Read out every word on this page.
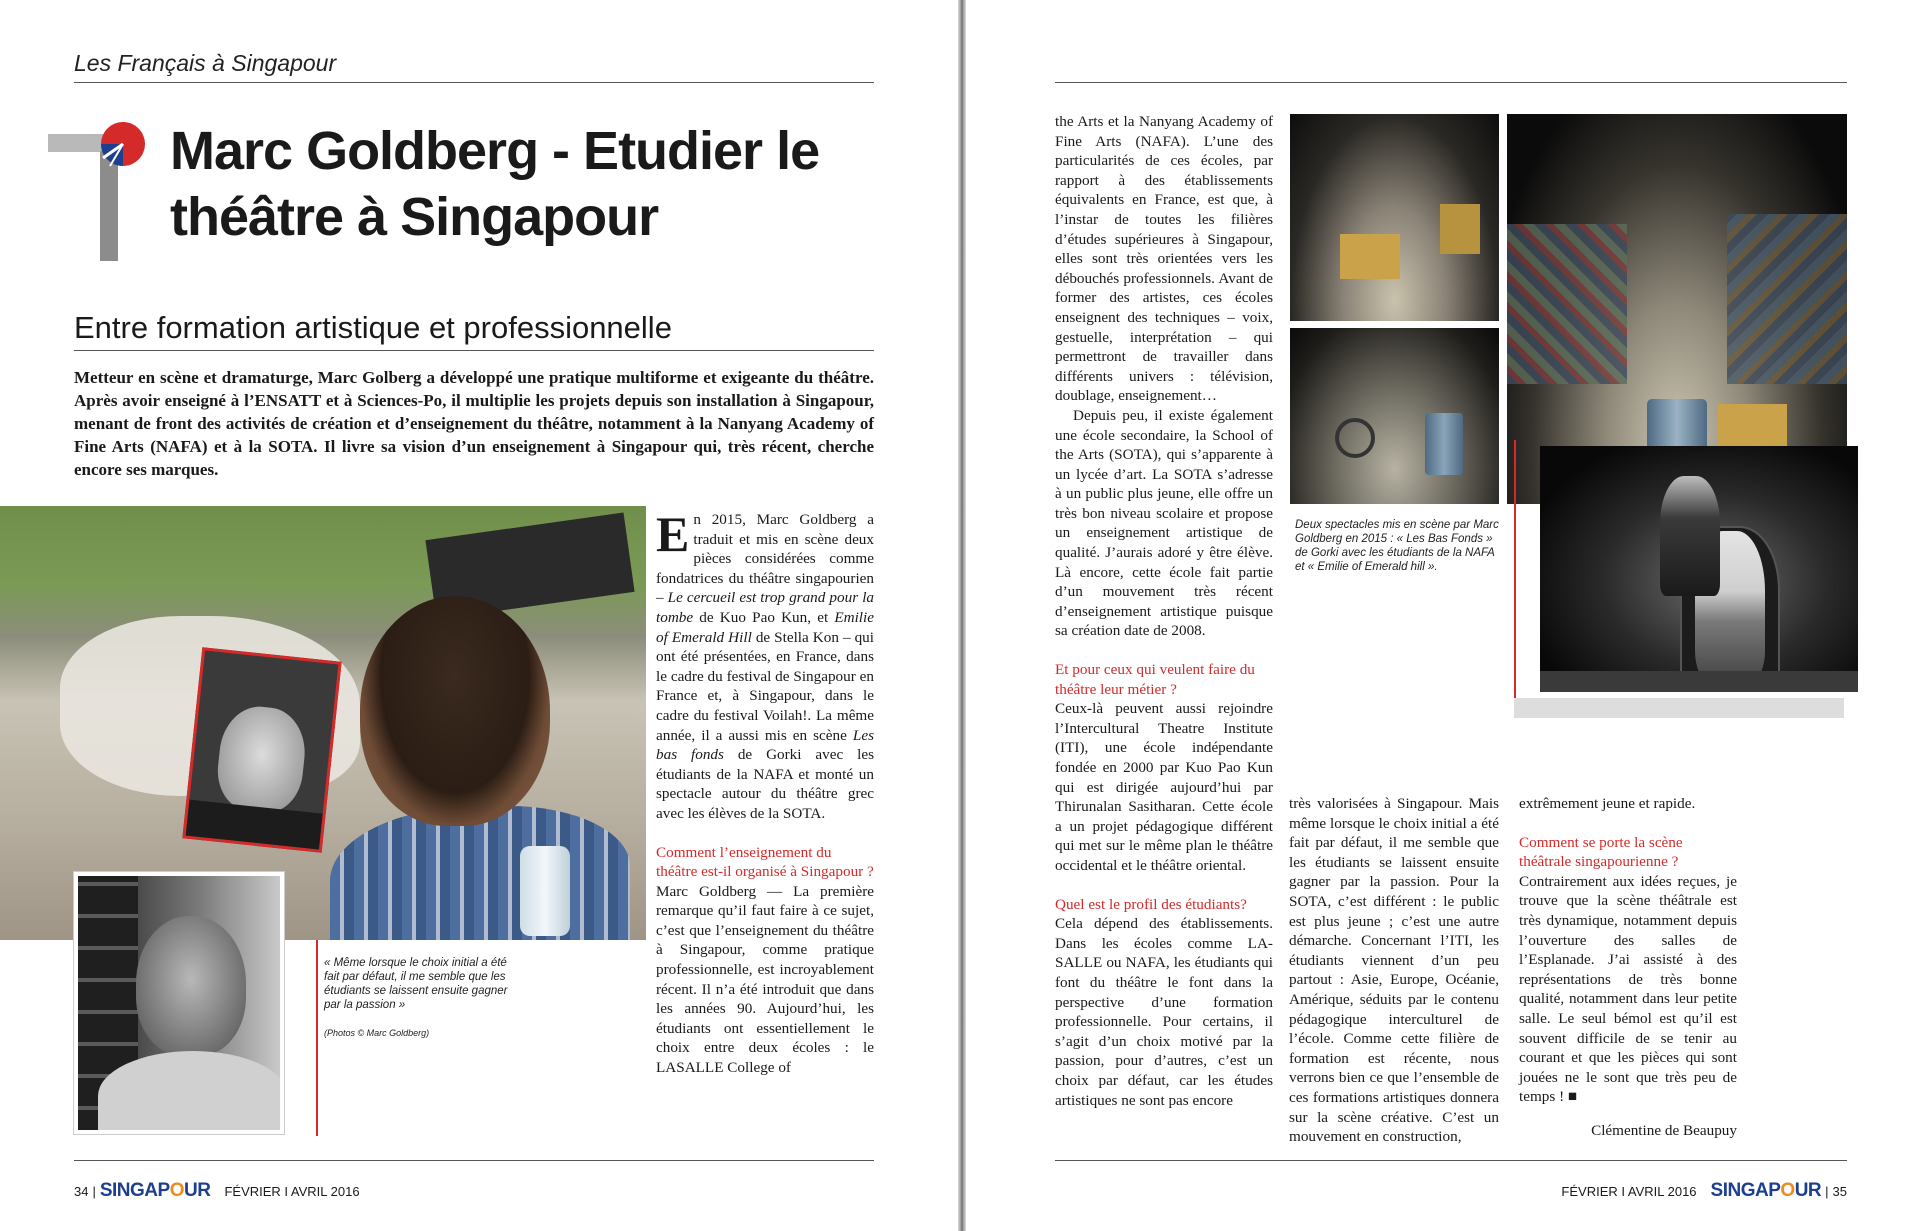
Les Français à Singapour
Marc Goldberg - Etudier le
théâtre à Singapour
Entre formation artistique et professionnelle

Metteur en scène et dramaturge, Marc Golberg a développé une pratique multiforme et exigeante du théâtre. Après avoir enseigné à l’ENSATT et à Sciences-Po, il multiplie les projets depuis son installation à Singapour, menant de front des activités de création et d’enseignement du théâtre, notamment à la Nanyang Academy of Fine Arts (NAFA) et à la SOTA. Il livre sa vision d’un enseignement à Singapour qui, très récent, cherche encore ses marques.

« Même lorsque le choix initial a été fait par défaut, il me semble que les étudiants se laissent ensuite gagner par la passion »
(Photos © Marc Goldberg)

En 2015, Marc Goldberg a traduit et mis en scène deux pièces considérées comme fondatrices du théâtre singapourien – Le cercueil est trop grand pour la tombe de Kuo Pao Kun, et Emilie of Emerald Hill de Stella Kon – qui ont été présentées, en France, dans le cadre du festival de Singapour en France et, à Singapour, dans le cadre du festival Voilah!. La même année, il a aussi mis en scène Les bas fonds de Gorki avec les étudiants de la NAFA et monté un spectacle autour du théâtre grec avec les élèves de la SOTA.

Comment l’enseignement du théâtre est-il organisé à Singapour ?

Marc Goldberg — La première remarque qu’il faut faire à ce sujet, c’est que l’enseignement du théâtre à Singapour, comme pratique professionnelle, est incroyablement récent. Il n’a été introduit que dans les années 90. Aujourd’hui, les étudiants ont essentiellement le choix entre deux écoles : le LASALLE College of

34 | SINGAPOUR FÉVRIER I AVRIL 2016

the Arts et la Nanyang Academy of Fine Arts (NAFA). L’une des particularités de ces écoles, par rapport à des établissements équivalents en France, est que, à l’instar de toutes les filières d’études supérieures à Singapour, elles sont très orientées vers les débouchés professionnels. Avant de former des artistes, ces écoles enseignent des techniques – voix, gestuelle, interprétation – qui permettront de travailler dans différents univers : télévision, doublage, enseignement…

Depuis peu, il existe également une école secondaire, la School of the Arts (SOTA), qui s’apparente à un lycée d’art. La SOTA s’adresse à un public plus jeune, elle offre un très bon niveau scolaire et propose un enseignement artistique de qualité. J’aurais adoré y être élève. Là encore, cette école fait partie d’un mouvement très récent d’enseignement artistique puisque sa création date de 2008.

Et pour ceux qui veulent faire du théâtre leur métier ?

Ceux-là peuvent aussi rejoindre l’Intercultural Theatre Institute (ITI), une école indépendante fondée en 2000 par Kuo Pao Kun qui est dirigée aujourd’hui par Thirunalan Sasitharan. Cette école a un projet pédagogique différent qui met sur le même plan le théâtre occidental et le théâtre oriental.

Quel est le profil des étudiants?

Cela dépend des établissements. Dans les écoles comme LA-SALLE ou NAFA, les étudiants qui font du théâtre le font dans la perspective d’une formation professionnelle. Pour certains, il s’agit d’un choix motivé par la passion, pour d’autres, c’est un choix par défaut, car les études artistiques ne sont pas encore

Deux spectacles mis en scène par Marc Goldberg en 2015 : « Les Bas Fonds » de Gorki avec les étudiants de la NAFA et « Emilie of Emerald hill ».

très valorisées à Singapour. Mais même lorsque le choix initial a été fait par défaut, il me semble que les étudiants se laissent ensuite gagner par la passion. Pour la SOTA, c’est différent : le public est plus jeune ; c’est une autre démarche. Concernant l’ITI, les étudiants viennent d’un peu partout : Asie, Europe, Océanie, Amérique, séduits par le contenu pédagogique interculturel de l’école. Comme cette filière de formation est récente, nous verrons bien ce que l’ensemble de ces formations artistiques donnera sur la scène créative. C’est un mouvement en construction,

extrêmement jeune et rapide.

Comment se porte la scène théâtrale singapourienne ?

Contrairement aux idées reçues, je trouve que la scène théâtrale est très dynamique, notamment depuis l’ouverture des salles de l’Esplanade. J’ai assisté à des représentations de très bonne qualité, notamment dans leur petite salle. Le seul bémol est qu’il est souvent difficile de se tenir au courant et que les pièces qui sont jouées ne le sont que très peu de temps ! ■

Clémentine de Beaupuy

FÉVRIER I AVRIL 2016 SINGAPOUR | 35
